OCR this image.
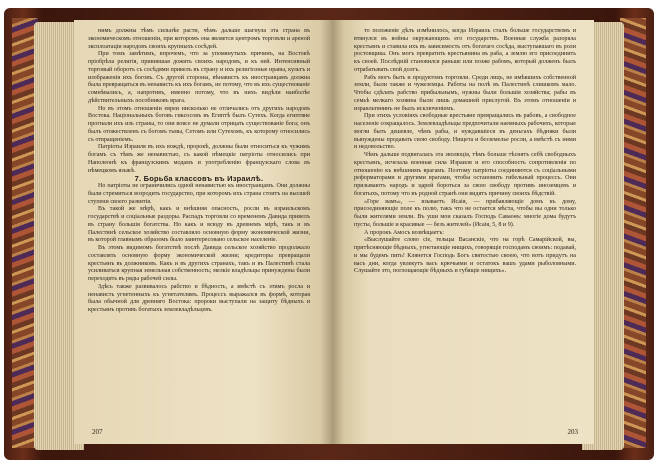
нимъ должны тѣмъ сильнѣе расти, чѣмъ дальше шагнула эта страна въ экономическомъ отношеніи, при которомъ она является центромъ торговли и ареной эксплоатаціи народовъ своихъ крупныхъ сосѣдей.

При томъ замѣтимъ, впрочемъ, что за упомянутыхъ причинъ, на Востокѣ пріобрѣла религія, привившая дожить своихъ народовъ, и къ ней. Интенсивный торговый оборотъ съ сосѣдями привелъ въ страну и ихъ религіозные нравы, культъ и изображенія ихъ боговъ. Съ другой стороны, вѣнавистъ къ иностранцамъ должна была превращаться въ ненависть къ ихъ богамъ, не потому, что въ ихъ существованіе сомнѣвались, а, напротивъ, именно потому, что въ нихъ видѣли наиболѣе дѣйствительныхъ пособниковъ врага.

Но въ этомъ отношеніи евреи нисколько не отличались отъ другихъ народовъ Востока. Національныхъ боговъ гиксосовъ въ Египтѣ былъ Сутехъ. Когда египтяне прогнали ихъ изъ страны, то они вовсе не думали отрицать существованіе бога; онъ былъ отожествленъ съ богомъ тьмы, Сетомъ или Сутехомъ, къ которому относились съ отвращеніемъ.

Патріоты Израиля въ ихъ вождѣ, пророкѣ, должны были относиться къ чужимъ богамъ съ тѣмъ же ненавистью, съ какой нѣмецкіе патріоты относились при Наполеонѣ къ французскимъ модамъ и употребленію французскаго слова въ нѣмецкомъ языкѣ.

7. Борьба классовъ въ Израилѣ.

Но патріоты не ограничились одной ненавистью къ иностранцамъ. Они должны были стремиться возродить государство, при которомъ ихъ страна стоитъ на высшей ступени своего развитія.

Въ такой же мѣрѣ, какъ и внѣшняя опасность, росли въ израильскомъ государствѣ и соціальные раздоры. Распадъ торговли со временемъ Давида привелъ въ страну большія богатства. Но какъ и всюду въ древнемъ мірѣ, такъ и въ Палестинѣ сельское хозяйство составляло основную форму экономической жизни, въ которой главнымъ образомъ было заинтересовано сельское населеніе.

Въ этомъ видимомъ богатствѣ послѣ Давида сельское хозяйство продолжало составлять основную форму экономической жизни; кредиторы превращали крестьянъ въ должниковъ. Какъ и въ другихъ странахъ, такъ и въ Палестинѣ стала усиливаться крупная земельная собственность; мелкіе владѣльцы принуждены были переходить въ ряды рабочей силы.

Здѣсь также развивалось рабство и бѣдность, а вмѣстѣ съ этимъ росла и ненависть угнетенныхъ къ угнетателямъ. Процессъ выражался въ формѣ, которая была обычной для древняго Востока: пророки выступали на защиту бѣдныхъ и крестьянъ противъ богатыхъ землевладѣльцевъ.

207

то положеніе дѣлъ измѣнилось, когда Израиль сталъ больше государствомъ и втянулся въ войны окружающихъ его государствъ. Военная служба разоряла крестьянъ и ставила ихъ въ зависимость отъ богатаго сосѣда, выступавшаго въ роли ростовщика. Онъ могъ превратить крестьянина въ раба, а землю его присоединить къ своей. Послѣдній становился раньше или позже рабомъ, который долженъ былъ отрабатывать свой долгъ.

Рабъ могъ быть и продуктомъ торговли. Среди лицъ, не имѣвшихъ собственной земли, были также и чужеземцы. Работы на полѣ въ Палестинѣ слишкомъ мало. Чтобы сдѣлать рабство прибыльнымъ, нужны были большія хозяйства; рабы въ семьѣ мелкаго хозяина были лишь домашней прислугой. Въ этомъ отношеніи и израильтянинъ не былъ исключеніемъ.

При этихъ условіяхъ свободные крестьяне превращались въ рабовъ, а свободное населеніе сокращалось. Землевладѣльцы предпочитали наемныхъ рабочихъ, которые могли быть дешевле, чѣмъ рабы, и нуждавшіеся въ деньгахъ бѣдняки были вынуждены продавать свою свободу. Нищета и безземелье росли, а вмѣстѣ съ ними и недовольство.

Чѣмъ дальше подвигалась эта эволюція, тѣмъ больше тѣснятъ себѣ свободныхъ крестьянъ, исчезала военная сила Израиля и его способность сопротивленія по отношенію къ внѣшнимъ врагамъ. Поэтому патріоты соединяются съ соціальными реформаторами и другими врагами, чтобы остановить гибельный процессъ. Они призываютъ народъ и царей бороться за свою свободу противъ иноземцевъ и богатыхъ, потому что въ родной странѣ они видятъ причину своихъ бѣдствій.

«Горе вамъ», — взываетъ Исаія, — прибавляющіе домъ къ дому, присоединяющіе поле къ полю, такъ что не остается мѣста, чтобы вы одни только были жителями земли. Въ уши мои сказалъ Господь Саваоѳъ: многіе дома будутъ пусты, большіе и красивые — безъ жителей» (Исаія, 5, 8 и 9).

А пророкъ Амосъ возвѣщаетъ:

«Выслушайте слово сіе, тельцы Васанскіе, что на горѣ Самарійской, вы, притѣсняющіе бѣдныхъ, угнетающіе нищихъ, говорящіе господамъ своимъ: подавай, и мы будемъ пить! Клянется Господь Богъ святостью своею, что вотъ придутъ на васъ дни, когда увлекутъ васъ крючьями и остатокъ вашъ удами рыболовными. Слушайте это, поглощающіе бѣдныхъ и губящіе нищихъ».

203
